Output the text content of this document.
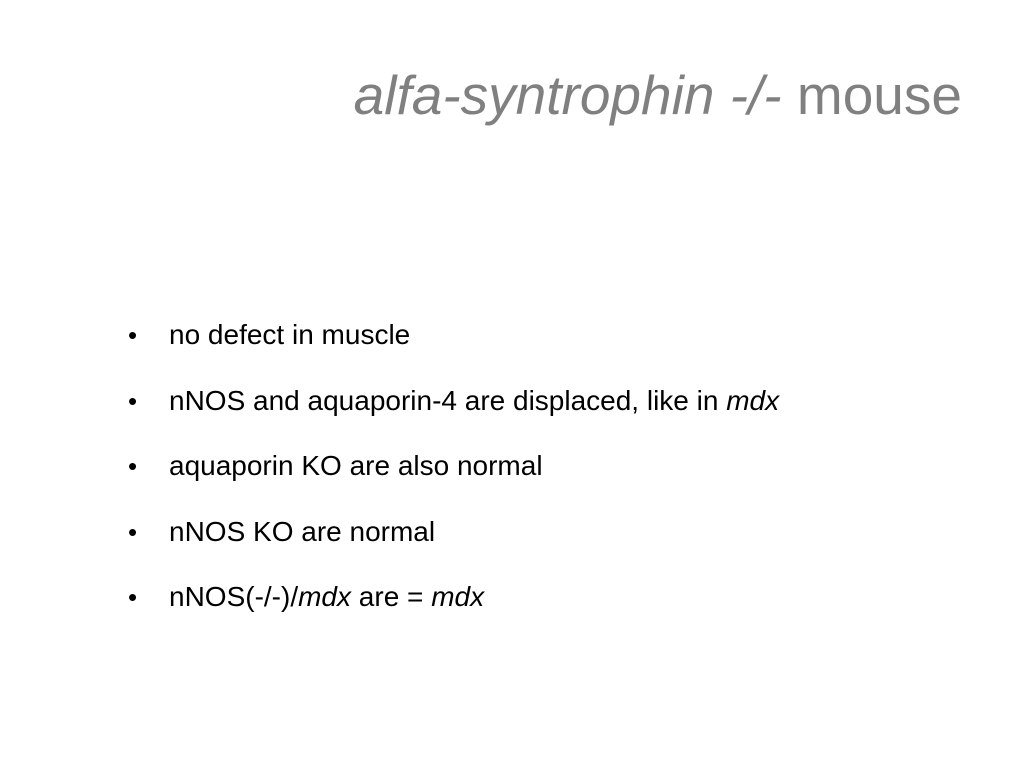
alfa-syntrophin -/- mouse
•	no defect in muscle
•	nNOS and aquaporin-4 are displaced, like in mdx
•	aquaporin KO are also normal
•	nNOS KO are normal
•	nNOS(-/-)/mdx are = mdx
